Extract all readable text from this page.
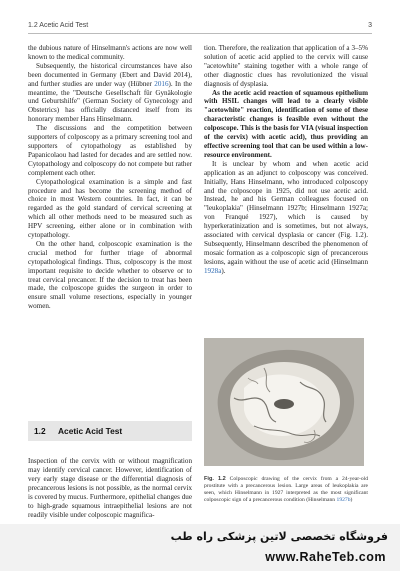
1.2 Acetic Acid Test	3

the dubious nature of Hinselmann's actions are now well known to the medical community.

Subsequently, the historical circumstances have also been documented in Germany (Ebert and David 2014), and further studies are under way (Hübner 2016). In the meantime, the "Deutsche Gesellschaft für Gynäkologie und Geburtshilfe" (German Society of Gynecology and Obstetrics) has officially distanced itself from its honorary member Hans Hinselmann.

The discussions and the competition between supporters of colposcopy as a primary screening tool and supporters of cytopathology as established by Papanicolaou had lasted for decades and are settled now. Cytopathology and colposcopy do not compete but rather complement each other.

Cytopathological examination is a simple and fast procedure and has become the screening method of choice in most Western countries. In fact, it can be regarded as the gold standard of cervical screening at which all other methods need to be measured such as HPV screening, either alone or in combination with cytopathology.

On the other hand, colposcopic examination is the crucial method for further triage of abnormal cytopathological findings. Thus, colposcopy is the most important requisite to decide whether to observe or to treat cervical precancer. If the decision to treat has been made, the colposcope guides the surgeon in order to ensure small volume resections, especially in younger women.

1.2 Acetic Acid Test

Inspection of the cervix with or without magnification may identify cervical cancer. However, identification of very early stage disease or the differential diagnosis of precancerous lesions is not possible, as the normal cervix is covered by mucus. Furthermore, epithelial changes due to high-grade squamous intraepithelial lesions are not readily visible under colposcopic magnifica-

tion. Therefore, the realization that application of a 3–5% solution of acetic acid applied to the cervix will cause "acetowhite" staining together with a whole range of other diagnostic clues has revolutionized the visual diagnosis of dysplasia.

As the acetic acid reaction of squamous epithelium with HSIL changes will lead to a clearly visible "acetowhite" reaction, identification of some of these characteristic changes is feasible even without the colposcope. This is the basis for VIA (visual inspection of the cervix) with acetic acid), thus providing an effective screening tool that can be used within a low-resource environment.

It is unclear by whom and when acetic acid application as an adjunct to colposcopy was conceived. Initially, Hans Hinselmann, who introduced colposcopy and the colposcope in 1925, did not use acetic acid. Instead, he and his German colleagues focused on "leukoplakia" (Hinselmann 1927b; Hinselmann 1927a; von Franqué 1927), which is caused by hyperkeratinization and is sometimes, but not always, associated with cervical dysplasia or cancer (Fig. 1.2). Subsequently, Hinselmann described the phenomenon of mosaic formation as a colposcopic sign of precancerous lesions, again without the use of acetic acid (Hinselmann 1928a).

Fig. 1.2 Colposcopic drawing of the cervix from a 24-year-old prostitute with a precancerous lesion. Large areas of leukoplakia are seen, which Hinselmann in 1927 interpreted as the most significant colposcopic sign of a precancerous condition (Hinselmann 1927b)

فروشگاه تخصصی لاتین پزشکی راه طب
www.RaheTeb.com
